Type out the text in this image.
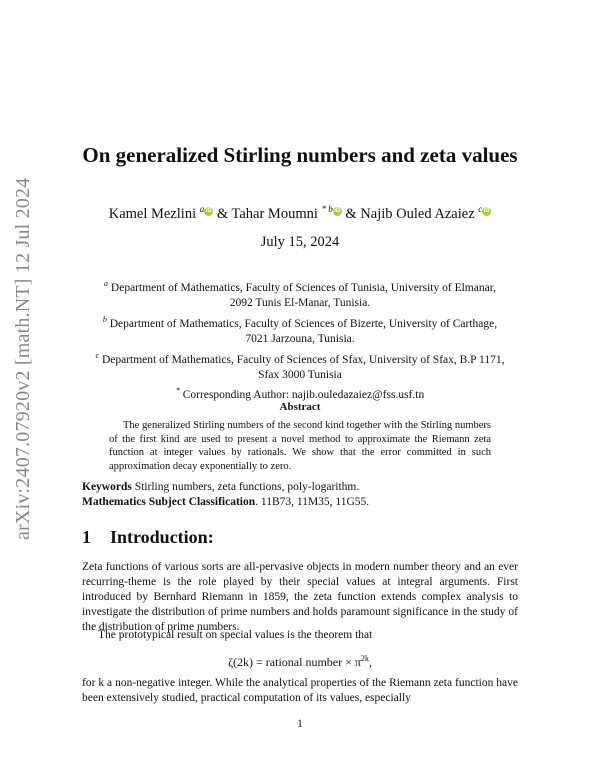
arXiv:2407.07920v2 [math.NT] 12 Jul 2024
On generalized Stirling numbers and zeta values
Kamel Mezlini $^a$ iD & Tahar Moumni $^{* b}$ iD & Najib Ouled Azaiez $^c$ iD
July 15, 2024

$^a$ Department of Mathematics, Faculty of Sciences of Tunisia, University of Elmanar, 2092 Tunis El-Manar, Tunisia.

$^b$ Department of Mathematics, Faculty of Sciences of Bizerte, University of Carthage, 7021 Jarzouna, Tunisia.

$^c$ Department of Mathematics, Faculty of Sciences of Sfax, University of Sfax, B.P 1171, Sfax 3000 Tunisia

* Corresponding Author: najib.ouledazaiez@fss.usf.tn

Abstract
The generalized Stirling numbers of the second kind together with the Stirling numbers of the first kind are used to present a novel method to approximate the Riemann zeta function at integer values by rationals. We show that the error committed in such approximation decay exponentially to zero.
Keywords Stirling numbers, zeta functions, poly-logarithm.
Mathematics Subject Classification. 11B73, 11M35, 11G55.
1 Introduction:

Zeta functions of various sorts are all-pervasive objects in modern number theory and an ever recurring-theme is the role played by their special values at integral arguments. First introduced by Bernhard Riemann in 1859, the zeta function extends complex analysis to investigate the distribution of prime numbers and holds paramount significance in the study of the distribution of prime numbers.

The prototypical result on special values is the theorem that

ζ(2k) = rational number × $\pi^{2k}$,

for k a non-negative integer. While the analytical properties of the Riemann zeta function have been extensively studied, practical computation of its values, especially

1
